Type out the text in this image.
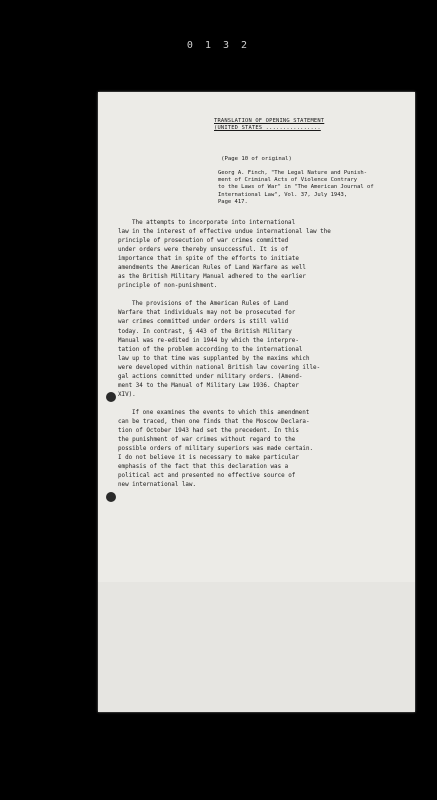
0 1 3 2
TRANSLATION OF OPENING STATEMENT
(UNITED STATES ................
(Page 10 of original)
Georg A. Finch, "The Legal Nature and Punish-
ment of Criminal Acts of Violence Contrary
to the Laws of War" in "The American Journal of
International Law", Vol. 37, July 1943,
Page 417.

The attempts to incorporate into international
law in the interest of effective undue international law the
principle of prosecution of war crimes committed
under orders were thereby unsuccessful. It is of
importance that in spite of the efforts to initiate
amendments the American Rules of Land Warfare as well
as the British Military Manual adhered to the earlier
principle of non-punishment.

The provisions of the American Rules of Land
Warfare that individuals may not be prosecuted for
war crimes committed under orders is still valid
today. In contrast, § 443 of the British Military
Manual was re-edited in 1944 by which the interpre-
tation of the problem according to the international
law up to that time was supplanted by the maxims which
were developed within national British law covering ille-
gal actions committed under military orders. (Amend-
ment 34 to the Manual of Military Law 1936. Chapter
XIV).

If one examines the events to which this amendment
can be traced, then one finds that the Moscow Declara-
tion of October 1943 had set the precedent. In this
the punishment of war crimes without regard to the
possible orders of military superiors was made certain.
I do not believe it is necessary to make particular
emphasis of the fact that this declaration was a
political act and presented no effective source of
new international law.
